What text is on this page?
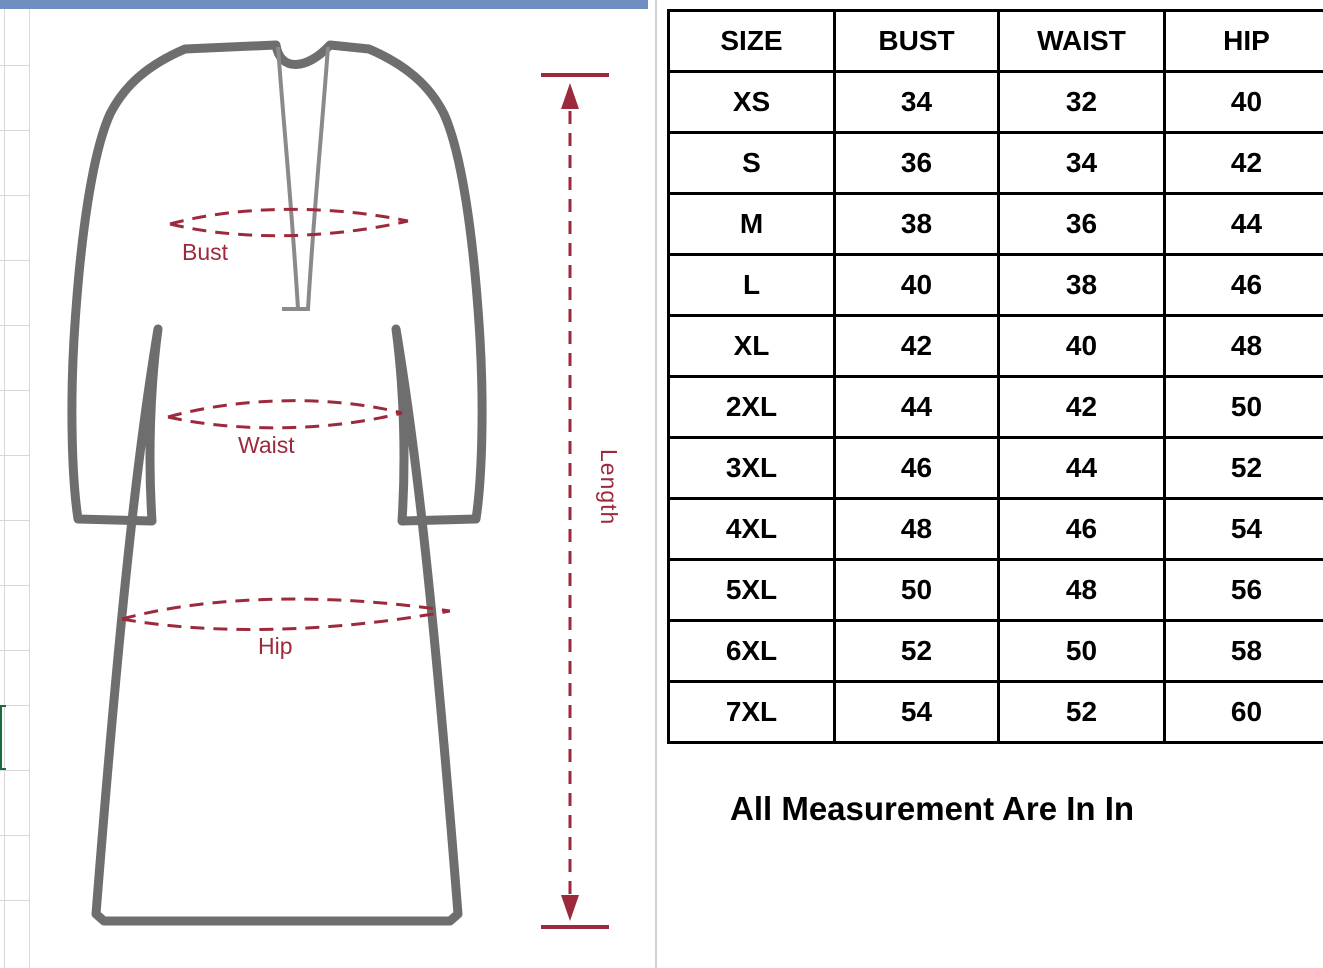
Bust
Waist
Hip
Length
SIZE	BUST	WAIST	HIP
XS	34	32	40
S	36	34	42
M	38	36	44
L	40	38	46
XL	42	40	48
2XL	44	42	50
3XL	46	44	52
4XL	48	46	54
5XL	50	48	56
6XL	52	50	58
7XL	54	52	60
All Measurement Are In In
